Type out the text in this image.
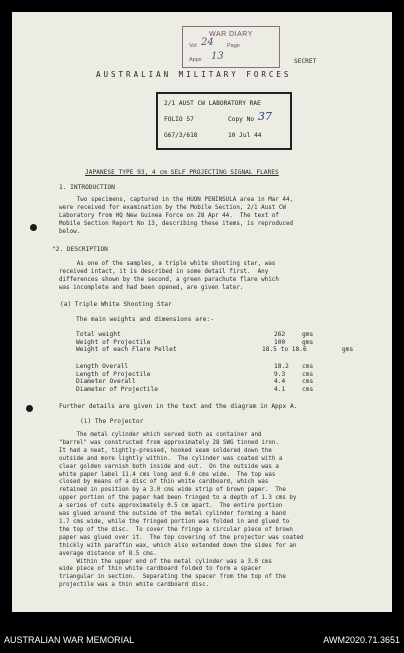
WAR DIARY
Vol 24 Page
Appx 13	SECRET
AUSTRALIAN MILITARY FORCES
2/1 AUST CW LABORATORY RAE
FOLIO 57	Copy No 37
G67/3/618	10 Jul 44
JAPANESE TYPE 93, 4 cm SELF PROJECTING SIGNAL FLARES
1. INTRODUCTION
Two specimens, captured in the HUON PENINSULA area in Mar 44,
were received for examination by the Mobile Section, 2/1 Aust CW
Laboratory from HQ New Guinea Force on 28 Apr 44.  The text of
Mobile Section Report No 13, describing these items, is reproduced
below.
"2. DESCRIPTION
As one of the samples, a triple white shooting star, was
received intact, it is described in some detail first.  Any
differences shown by the second, a green parachute flare which
was incomplete and had been opened, are given later.
(a) Triple White Shooting Star
The main weights and dimensions are:-
Total weight	262	gms
Weight of Projectile	100	gms
Weight of each Flare Pellet	18.5 to 18.6	gms
Length Overall	18.2 cms
Length of Projectile	9.3	cms
Diameter Overall	4.4	cms
Diameter of Projectile	4.1	cms
Further details are given in the text and the diagram in Appx A.
(i) The Projector
The metal cylinder which served both as container and
"barrel" was constructed from approximately 28 SWG tinned iron.
It had a neat, tightly-pressed, hooked seam soldered down the
outside and more lightly within.  The cylinder was coated with a
clear golden varnish both inside and out.  On the outside was a
white paper label 11.4 cms long and 6.0 cms wide.  The top was
closed by means of a disc of thin white cardboard, which was
retained in position by a 3.0 cms wide strip of brown paper.  The
upper portion of the paper had been fringed to a depth of 1.3 cms by
a series of cuts approximately 0.5 cm apart.  The entire portion
was glued around the outside of the metal cylinder forming a band
1.7 cms wide, while the fringed portion was folded in and glued to
the top of the disc.  To cover the fringe a circular piece of brown
paper was glued over it.  The top covering of the projector was coated
thickly with paraffin wax, which also extended down the sides for an
average distance of 8.5 cms.
Within the upper end of the metal cylinder was a 3.0 cms
wide piece of thin white cardboard folded to form a spacer
triangular in section.  Separating the spacer from the top of the
projectile was a thin white cardboard disc.
AUSTRALIAN WAR MEMORIAL	AWM2020.71.3651
